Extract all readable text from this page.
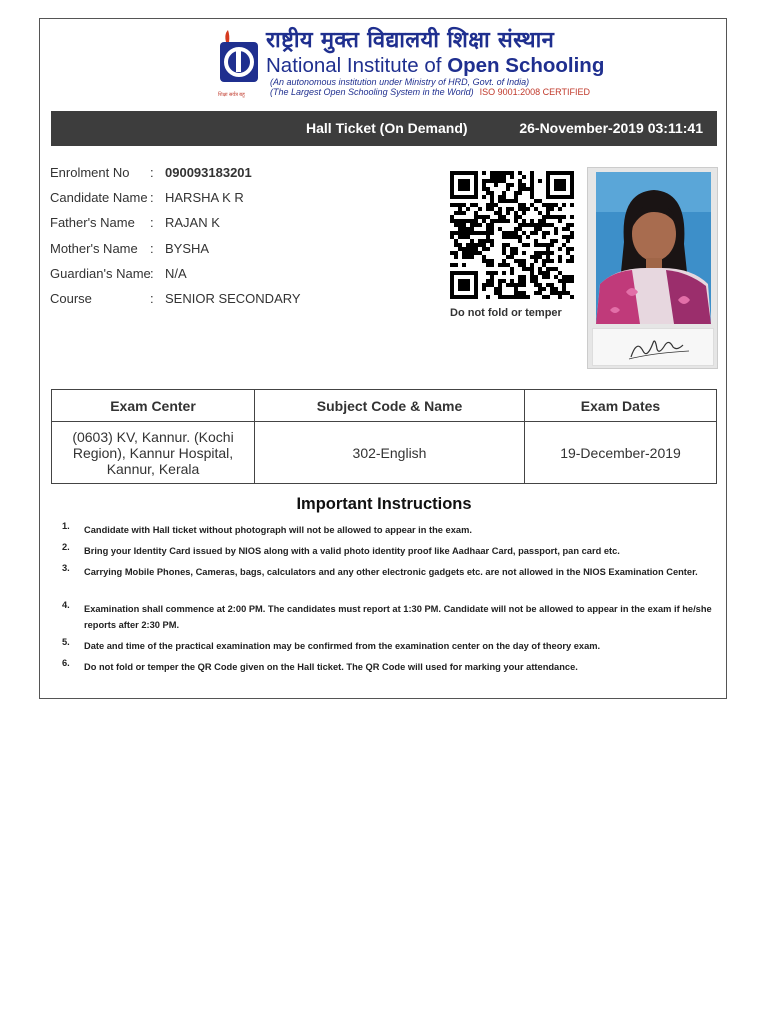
शिक्षा सर्वत्र बहु
राष्ट्रीय मुक्त विद्यालयी शिक्षा संस्थान
National Institute of Open Schooling
(An autonomous institution under Ministry of HRD, Govt. of India)
(The Largest Open Schooling System in the World) ISO 9001:2008 CERTIFIED
Hall Ticket (On Demand)	26-November-2019 03:11:41
Enrolment No : 090093183201
Candidate Name : HARSHA K R
Father's Name : RAJAN K
Mother's Name : BYSHA
Guardian's Name : N/A
Course	: SENIOR SECONDARY
Do not fold or temper
Exam Center	Subject Code & Name	Exam Dates
(0603) KV, Kannur. (Kochi Region), Kannur Hospital, Kannur, Kerala	302-English	19-December-2019
Important Instructions
1. Candidate with Hall ticket without photograph will not be allowed to appear in the exam.
2. Bring your Identity Card issued by NIOS along with a valid photo identity proof like Aadhaar Card, passport, pan card etc.
3. Carrying Mobile Phones, Cameras, bags, calculators and any other electronic gadgets etc. are not allowed in the NIOS Examination Center.
4. Examination shall commence at 2:00 PM. The candidates must report at 1:30 PM. Candidate will not be allowed to appear in the exam if he/she reports after 2:30 PM.
5. Date and time of the practical examination may be confirmed from the examination center on the day of theory exam.
6. Do not fold or temper the QR Code given on the Hall ticket. The QR Code will used for marking your attendance.
